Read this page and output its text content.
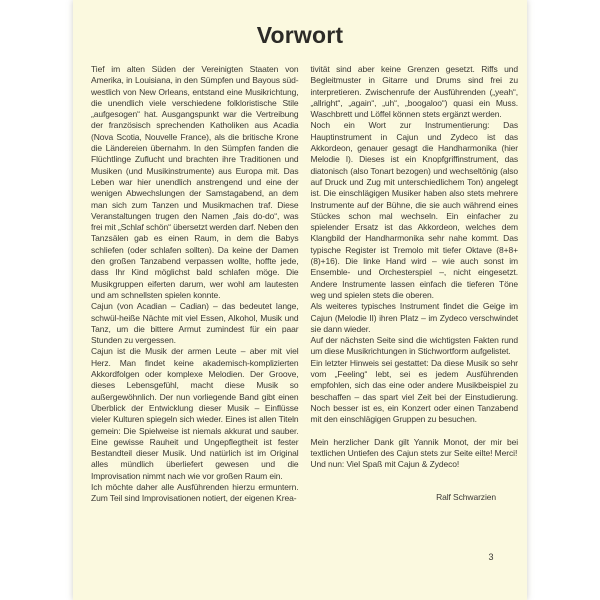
Vorwort

Tief im alten Süden der Vereinigten Staaten von Amerika, in Louisiana, in den Sümpfen und Bayous süd-westlich von New Orleans, entstand eine Musikrichtung, die unendlich viele verschiedene folkloristische Stile „aufgesogen“ hat. Ausgangspunkt war die Vertreibung der französisch sprechenden Katholiken aus Acadia (Nova Scotia, Nouvelle France), als die britische Krone die Ländereien übernahm. In den Sümpfen fanden die Flüchtlinge Zuflucht und brachten ihre Traditionen und Musiken (und Musikinstrumente) aus Europa mit. Das Leben war hier unendlich anstrengend und eine der wenigen Abwechslungen der Samstagabend, an dem man sich zum Tanzen und Musikmachen traf. Diese Veranstaltungen trugen den Namen „fais do-do“, was frei mit „Schlaf schön“ übersetzt werden darf. Neben den Tanzsälen gab es einen Raum, in dem die Babys schliefen (oder schlafen sollten). Da keine der Damen den großen Tanzabend verpassen wollte, hoffte jede, dass Ihr Kind möglichst bald schlafen möge. Die Musikgruppen eiferten darum, wer wohl am lautesten und am schnellsten spielen konnte.

Cajun (von Acadian – Cadian) – das bedeutet lange, schwül-heiße Nächte mit viel Essen, Alkohol, Musik und Tanz, um die bittere Armut zumindest für ein paar Stunden zu vergessen.

Cajun ist die Musik der armen Leute – aber mit viel Herz. Man findet keine akademisch-komplizierten Akkordfolgen oder komplexe Melodien. Der Groove, dieses Lebensgefühl, macht diese Musik so außergewöhnlich. Der nun vorliegende Band gibt einen Überblick der Entwicklung dieser Musik – Einflüsse vieler Kulturen spiegeln sich wieder. Eines ist allen Titeln gemein: Die Spielweise ist niemals akkurat und sauber. Eine gewisse Rauheit und Ungepflegtheit ist fester Bestandteil dieser Musik. Und natürlich ist im Original alles mündlich überliefert gewesen und die Improvisation nimmt nach wie vor großen Raum ein.

Ich möchte daher alle Ausführenden hierzu ermuntern. Zum Teil sind Improvisationen notiert, der eigenen Krea-

tivität sind aber keine Grenzen gesetzt. Riffs und Begleitmuster in Gitarre und Drums sind frei zu interpretieren. Zwischenrufe der Ausführenden („yeah“, „allright“, „again“, „uh“, „boogaloo“) quasi ein Muss. Waschbrett und Löffel können stets ergänzt werden.

Noch ein Wort zur Instrumentierung: Das Hauptinstrument in Cajun und Zydeco ist das Akkordeon, genauer gesagt die Handharmonika (hier Melodie I). Dieses ist ein Knopfgriffinstrument, das diatonisch (also Tonart bezogen) und wechseltönig (also auf Druck und Zug mit unterschiedlichem Ton) angelegt ist. Die einschlägigen Musiker haben also stets mehrere Instrumente auf der Bühne, die sie auch während eines Stückes schon mal wechseln. Ein einfacher zu spielender Ersatz ist das Akkordeon, welches dem Klangbild der Handharmonika sehr nahe kommt. Das typische Register ist Tremolo mit tiefer Oktave (8+8+(8)+16). Die linke Hand wird – wie auch sonst im Ensemble- und Orchesterspiel –, nicht eingesetzt. Andere Instrumente lassen einfach die tieferen Töne weg und spielen stets die oberen.

Als weiteres typisches Instrument findet die Geige im Cajun (Melodie II) ihren Platz – im Zydeco verschwindet sie dann wieder.

Auf der nächsten Seite sind die wichtigsten Fakten rund um diese Musikrichtungen in Stichwortform aufgelistet.

Ein letzter Hinweis sei gestattet: Da diese Musik so sehr vom „Feeling“ lebt, sei es jedem Ausführenden empfohlen, sich das eine oder andere Musikbeispiel zu beschaffen – das spart viel Zeit bei der Einstudierung. Noch besser ist es, ein Konzert oder einen Tanzabend mit den einschlägigen Gruppen zu besuchen.

Mein herzlicher Dank gilt Yannik Monot, der mir bei textlichen Untiefen des Cajun stets zur Seite eilte! Merci!

Und nun: Viel Spaß mit Cajun & Zydeco!

Ralf Schwarzien

3
